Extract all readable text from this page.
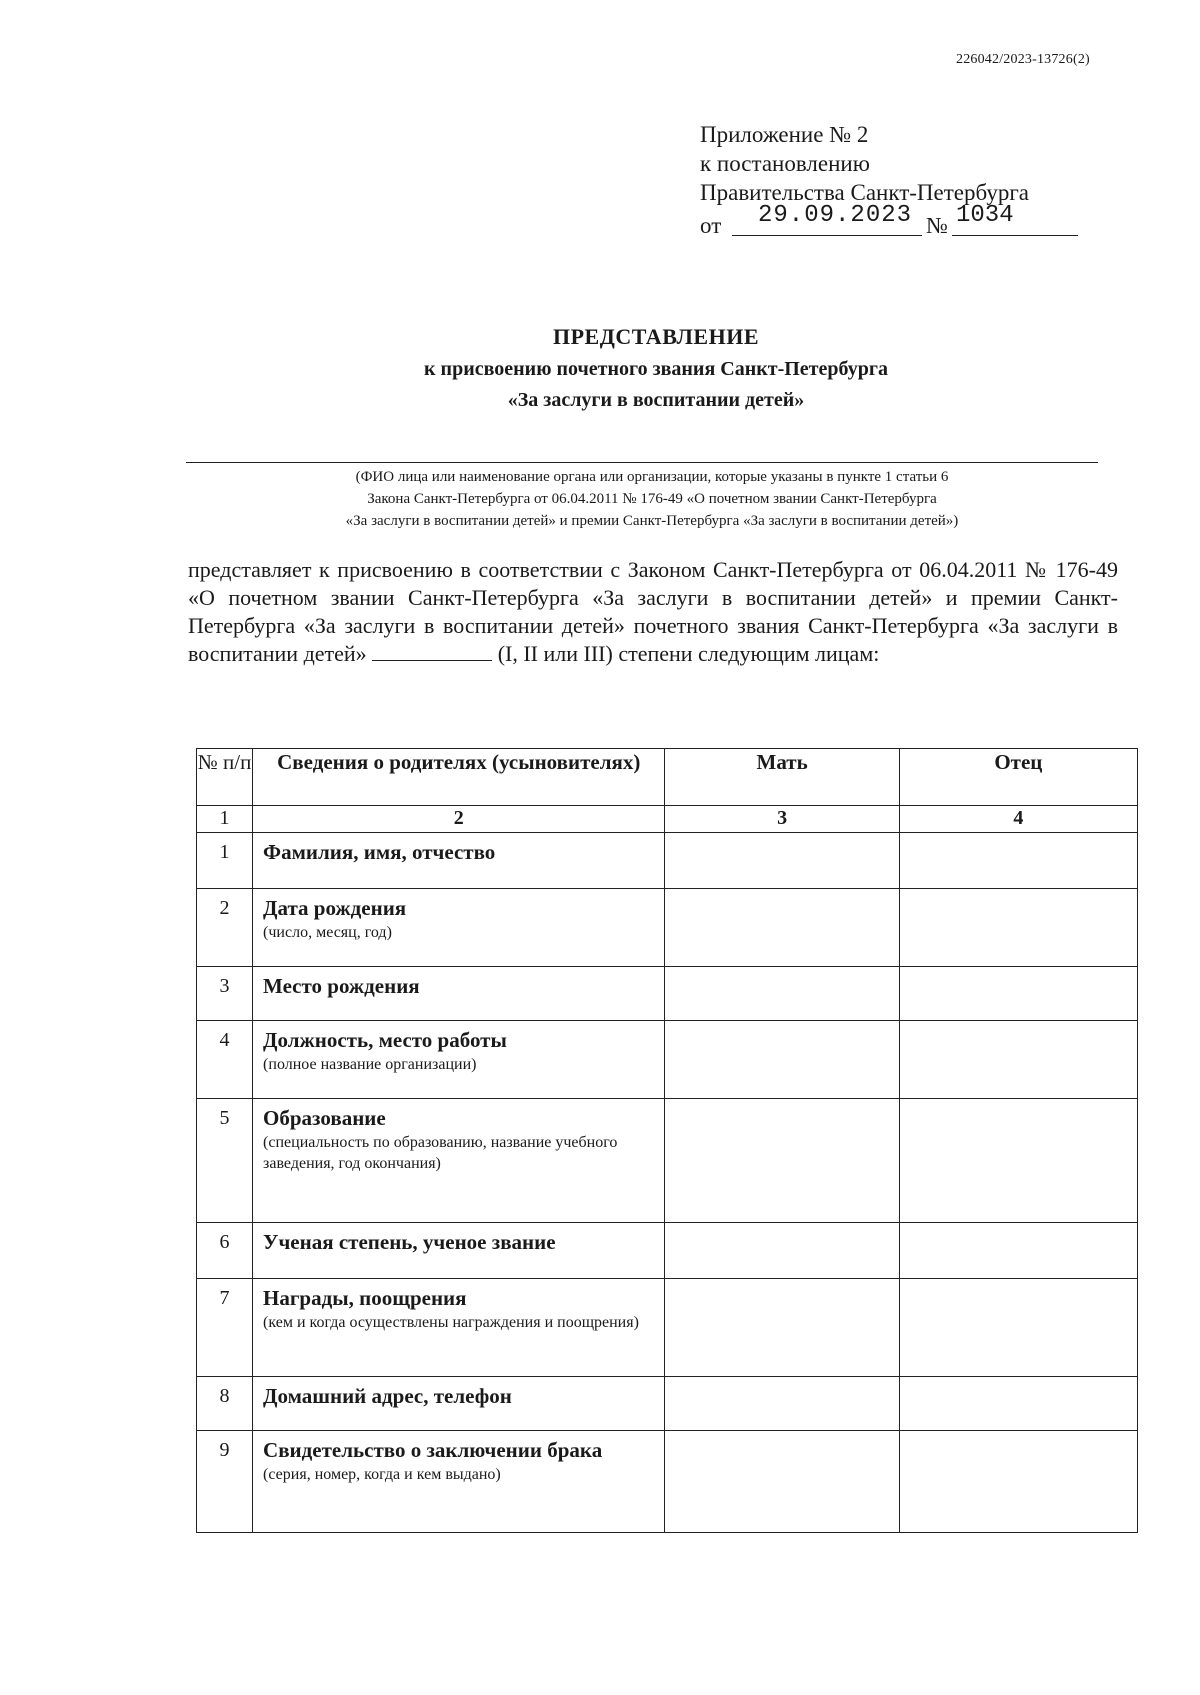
226042/2023-13726(2)
Приложение № 2
к постановлению
Правительства Санкт-Петербурга
от 29.09.2023 № 1034
ПРЕДСТАВЛЕНИЕ
к присвоению почетного звания Санкт-Петербурга
«За заслуги в воспитании детей»
(ФИО лица или наименование органа или организации, которые указаны в пункте 1 статьи 6
Закона Санкт-Петербурга от 06.04.2011 № 176-49 «О почетном звании Санкт-Петербурга
«За заслуги в воспитании детей» и премии Санкт-Петербурга «За заслуги в воспитании детей»)
представляет к присвоению в соответствии с Законом Санкт-Петербурга от 06.04.2011 № 176-49 «О почетном звании Санкт-Петербурга «За заслуги в воспитании детей» и премии Санкт-Петербурга «За заслуги в воспитании детей» почетного звания Санкт-Петербурга «За заслуги в воспитании детей»	(I, II или III) степени следующим лицам:
№ п/п	Сведения о родителях (усыновителях)	Мать	Отец
1	2	3	4
1	Фамилия, имя, отчество		

2	Дата рождения
(число, месяц, год)		

3	Место рождения		

4	Должность, место работы
(полное название организации)		

5	Образование
(специальность по образованию, название учебного заведения, год окончания)		

6	Ученая степень, ученое звание		

7	Награды, поощрения
(кем и когда осуществлены награждения и поощрения)		

8	Домашний адрес, телефон		

9	Свидетельство о заключении брака
(серия, номер, когда и кем выдано)		
